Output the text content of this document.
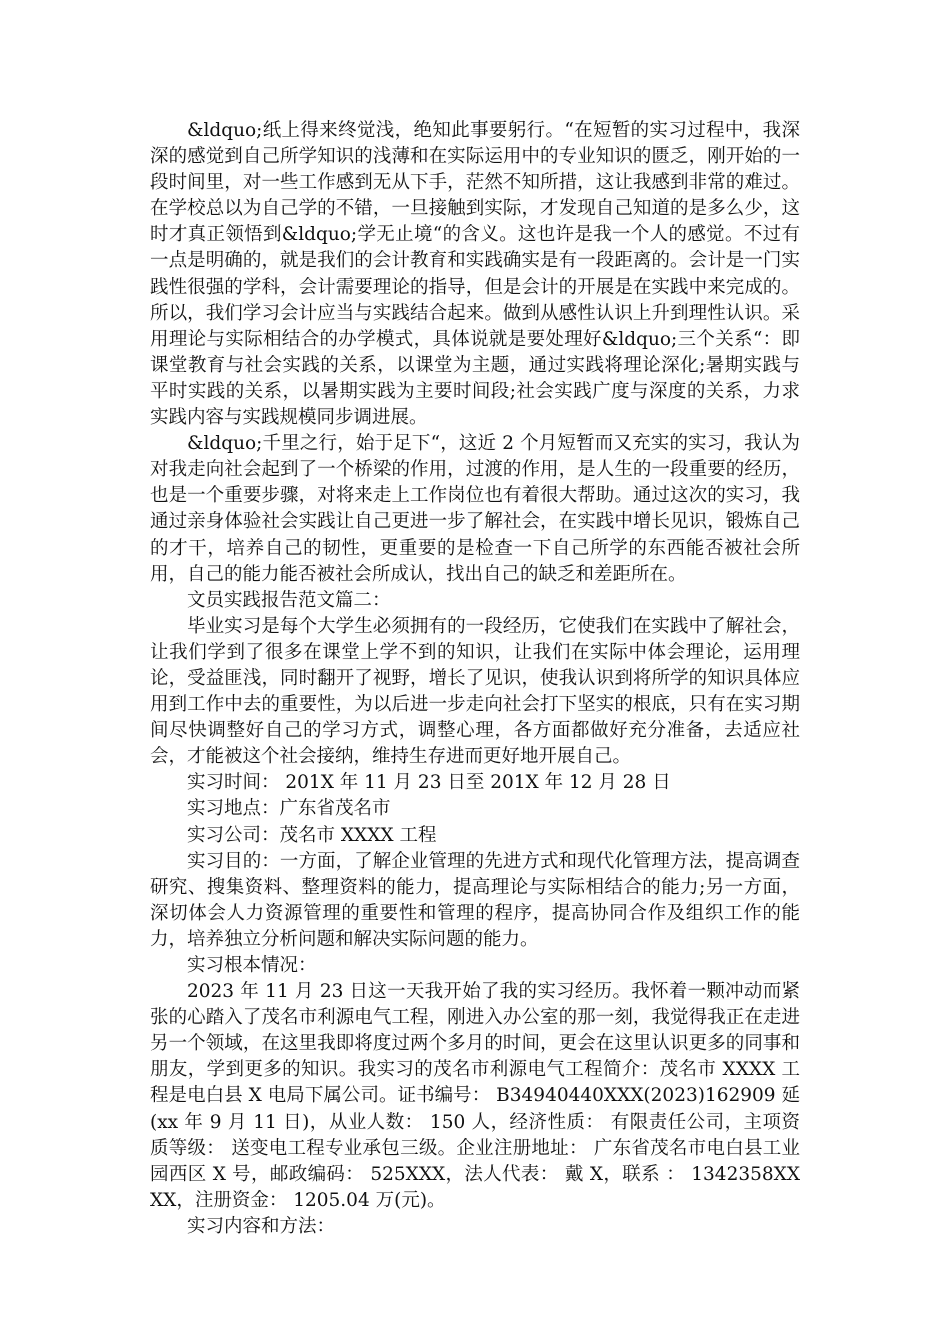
&ldquo;纸上得来终觉浅，绝知此事要躬行。“在短暂的实习过程中，我深深的感觉到自己所学知识的浅薄和在实际运用中的专业知识的匮乏，刚开始的一段时间里，对一些工作感到无从下手，茫然不知所措，这让我感到非常的难过。在学校总以为自己学的不错，一旦接触到实际，才发现自己知道的是多么少，这时才真正领悟到&ldquo;学无止境“的含义。这也许是我一个人的感觉。不过有一点是明确的，就是我们的会计教育和实践确实是有一段距离的。会计是一门实践性很强的学科，会计需要理论的指导，但是会计的开展是在实践中来完成的。所以，我们学习会计应当与实践结合起来。做到从感性认识上升到理性认识。采用理论与实际相结合的办学模式，具体说就是要处理好&ldquo;三个关系“：即课堂教育与社会实践的关系，以课堂为主题，通过实践将理论深化;暑期实践与平时实践的关系，以暑期实践为主要时间段;社会实践广度与深度的关系，力求实践内容与实践规模同步调进展。

&ldquo;千里之行，始于足下“，这近 2 个月短暂而又充实的实习，我认为对我走向社会起到了一个桥梁的作用，过渡的作用，是人生的一段重要的经历，也是一个重要步骤，对将来走上工作岗位也有着很大帮助。通过这次的实习，我通过亲身体验社会实践让自己更进一步了解社会，在实践中增长见识，锻炼自己的才干，培养自己的韧性，更重要的是检查一下自己所学的东西能否被社会所用，自己的能力能否被社会所成认，找出自己的缺乏和差距所在。

文员实践报告范文篇二：

毕业实习是每个大学生必须拥有的一段经历，它使我们在实践中了解社会，让我们学到了很多在课堂上学不到的知识，让我们在实际中体会理论，运用理论，受益匪浅，同时翻开了视野，增长了见识，使我认识到将所学的知识具体应用到工作中去的重要性，为以后进一步走向社会打下坚实的根底，只有在实习期间尽快调整好自己的学习方式，调整心理，各方面都做好充分准备，去适应社会，才能被这个社会接纳，维持生存进而更好地开展自己。

实习时间： 201X 年 11 月 23 日至 201X 年 12 月 28 日

实习地点：广东省茂名市

实习公司：茂名市 XXXX 工程

实习目的：一方面，了解企业管理的先进方式和现代化管理方法，提高调查研究、搜集资料、整理资料的能力，提高理论与实际相结合的能力;另一方面，深切体会人力资源管理的重要性和管理的程序，提高协同合作及组织工作的能力，培养独立分析问题和解决实际问题的能力。

实习根本情况：

2023 年 11 月 23 日这一天我开始了我的实习经历。我怀着一颗冲动而紧张的心踏入了茂名市利源电气工程，刚进入办公室的那一刻，我觉得我正在走进另一个领域，在这里我即将度过两个多月的时间，更会在这里认识更多的同事和朋友，学到更多的知识。我实习的茂名市利源电气工程简介：茂名市 XXXX 工程是电白县 X 电局下属公司。证书编号： B34940440XXX(2023)162909 延(xx 年 9 月 11 日)，从业人数： 150 人，经济性质： 有限责任公司，主项资质等级： 送变电工程专业承包三级。企业注册地址： 广东省茂名市电白县工业园西区 X 号，邮政编码： 525XXX，法人代表： 戴 X，联系 ： 1342358XXXX，注册资金： 1205.04 万(元)。

实习内容和方法：
